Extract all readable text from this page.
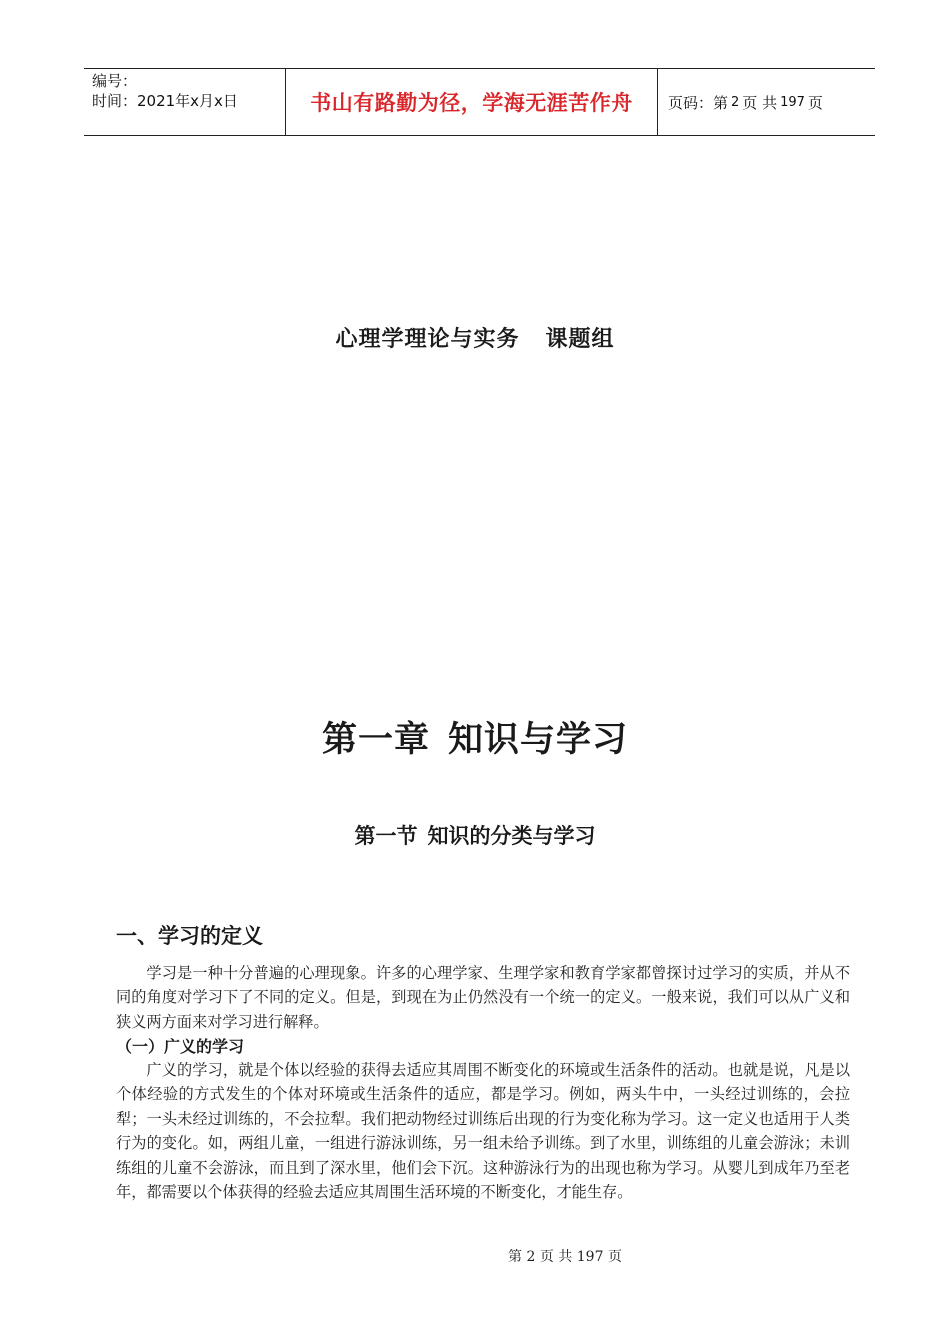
编号：
时间：2021年x月x日	书山有路勤为径，学海无涯苦作舟 页码：第 2 页 共 197 页
心理学理论与实务 课题组
第一章 知识与学习
第一节 知识的分类与学习
一、学习的定义

学习是一种十分普遍的心理现象。许多的心理学家、生理学家和教育学家都曾探讨过学习的实质，并从不同的角度对学习下了不同的定义。但是，到现在为止仍然没有一个统一的定义。一般来说，我们可以从广义和狭义两方面来对学习进行解释。

（一）广义的学习

广义的学习，就是个体以经验的获得去适应其周围不断变化的环境或生活条件的活动。也就是说，凡是以个体经验的方式发生的个体对环境或生活条件的适应，都是学习。例如，两头牛中，一头经过训练的，会拉犁；一头未经过训练的，不会拉犁。我们把动物经过训练后出现的行为变化称为学习。这一定义也适用于人类行为的变化。如，两组儿童，一组进行游泳训练，另一组未给予训练。到了水里，训练组的儿童会游泳；未训练组的儿童不会游泳，而且到了深水里，他们会下沉。这种游泳行为的出现也称为学习。从婴儿到成年乃至老年，都需要以个体获得的经验去适应其周围生活环境的不断变化，才能生存。

第 2 页 共 197 页
